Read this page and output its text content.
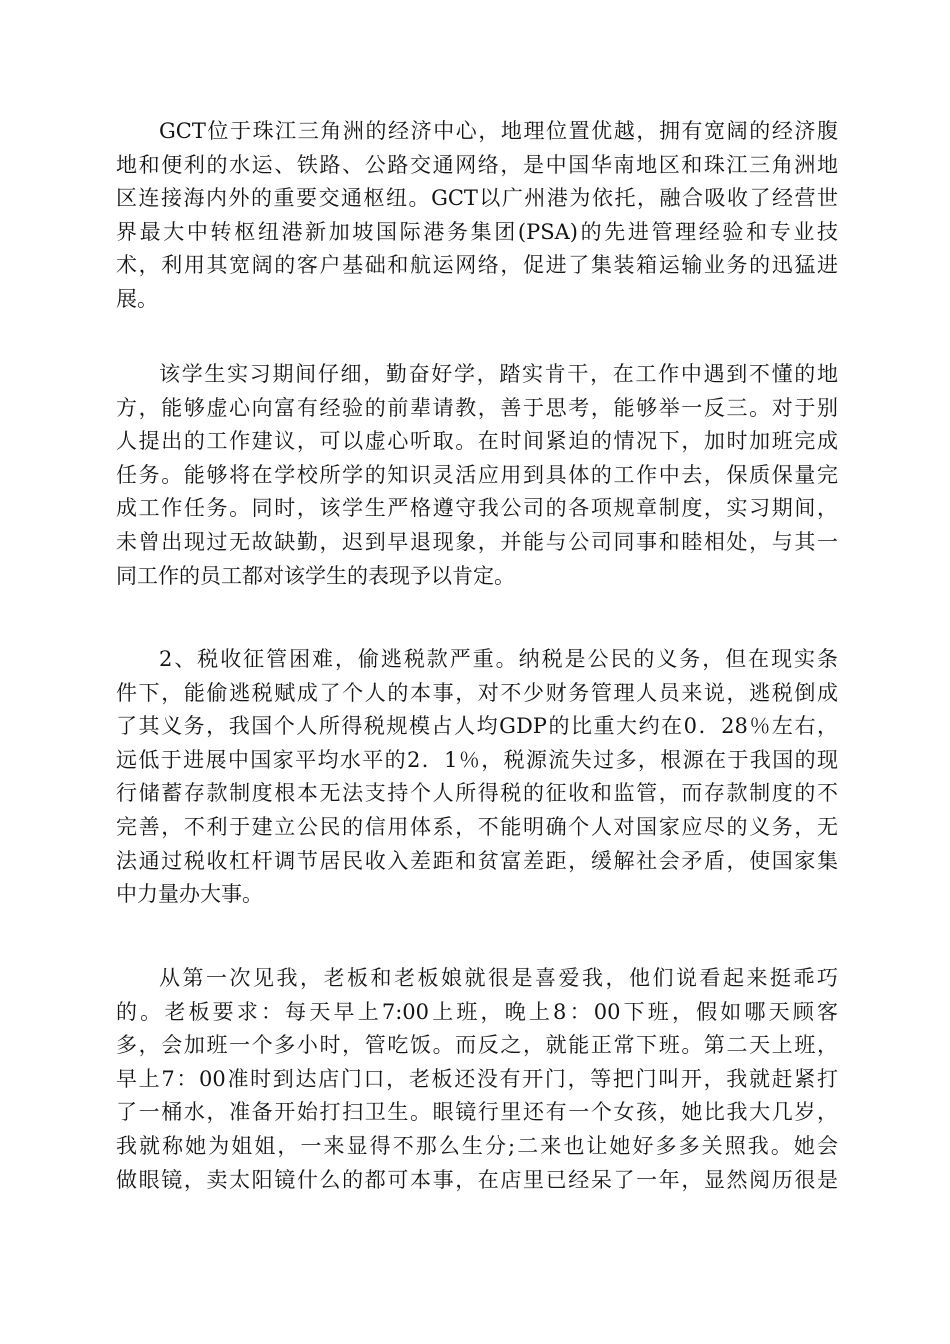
GCT位于珠江三角洲的经济中心，地理位置优越，拥有宽阔的经济腹
地和便利的水运、铁路、公路交通网络，是中国华南地区和珠江三角洲地
区连接海内外的重要交通枢纽。GCT以广州港为依托，融合吸收了经营世
界最大中转枢纽港新加坡国际港务集团(PSA)的先进管理经验和专业技
术，利用其宽阔的客户基础和航运网络，促进了集装箱运输业务的迅猛进
展。
该学生实习期间仔细，勤奋好学，踏实肯干，在工作中遇到不懂的地
方，能够虚心向富有经验的前辈请教，善于思考，能够举一反三。对于别
人提出的工作建议，可以虚心听取。在时间紧迫的情况下，加时加班完成
任务。能够将在学校所学的知识灵活应用到具体的工作中去，保质保量完
成工作任务。同时，该学生严格遵守我公司的各项规章制度，实习期间，
未曾出现过无故缺勤，迟到早退现象，并能与公司同事和睦相处，与其一
同工作的员工都对该学生的表现予以肯定。
2、税收征管困难，偷逃税款严重。纳税是公民的义务，但在现实条
件下，能偷逃税赋成了个人的本事，对不少财务管理人员来说，逃税倒成
了其义务，我国个人所得税规模占人均GDP的比重大约在0．28％左右，
远低于进展中国家平均水平的2．1％，税源流失过多，根源在于我国的现
行储蓄存款制度根本无法支持个人所得税的征收和监管，而存款制度的不
完善，不利于建立公民的信用体系，不能明确个人对国家应尽的义务，无
法通过税收杠杆调节居民收入差距和贫富差距，缓解社会矛盾，使国家集
中力量办大事。
从第一次见我，老板和老板娘就很是喜爱我，他们说看起来挺乖巧
的。老板要求：每天早上7:00上班，晚上8：00下班，假如哪天顾客
多，会加班一个多小时，管吃饭。而反之，就能正常下班。第二天上班，
早上7：00准时到达店门口，老板还没有开门，等把门叫开，我就赶紧打
了一桶水，准备开始打扫卫生。眼镜行里还有一个女孩，她比我大几岁，
我就称她为姐姐，一来显得不那么生分;二来也让她好多多关照我。她会
做眼镜，卖太阳镜什么的都可本事，在店里已经呆了一年，显然阅历很是
